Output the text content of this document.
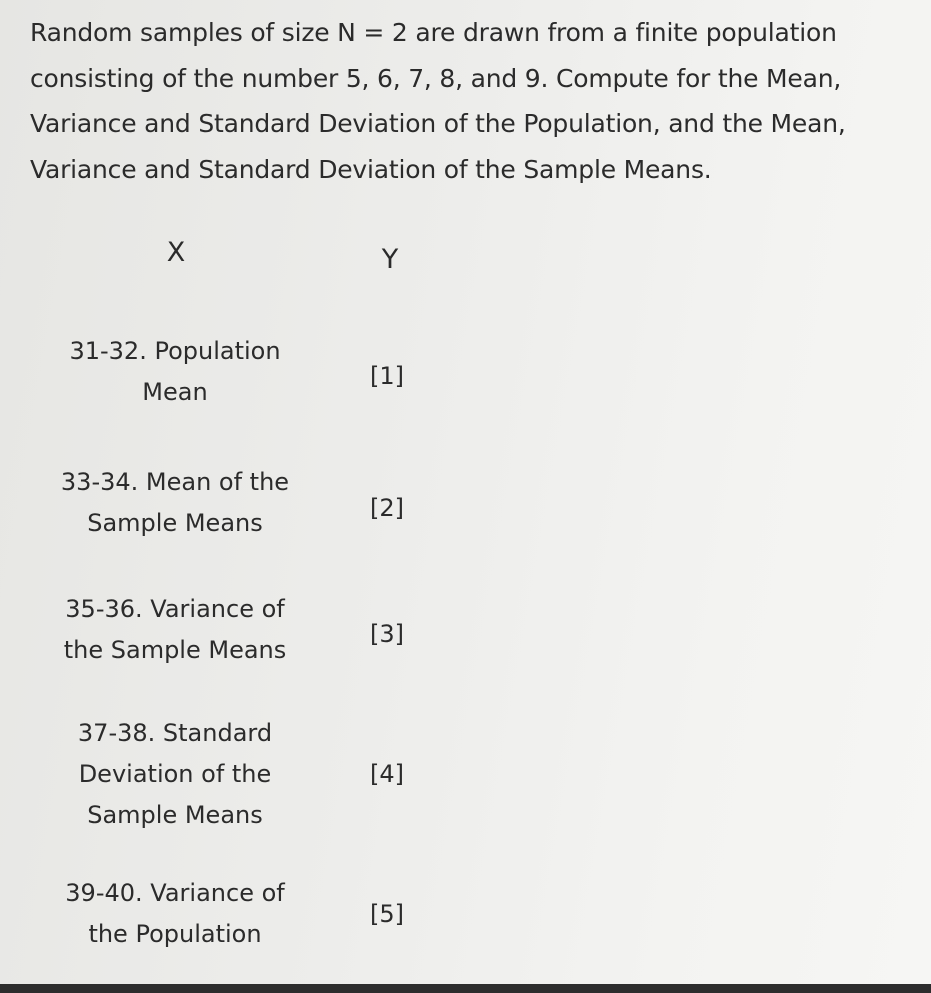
Random samples of size N = 2 are drawn from a finite population
consisting of the number 5, 6, 7, 8, and 9. Compute for the Mean,
Variance and Standard Deviation of the Population, and the Mean,
Variance and Standard Deviation of the Sample Means.

X	Y
31-32. Population
Mean
[1]
33-34. Mean of the
Sample Means
[2]
35-36. Variance of
the Sample Means
[3]
37-38. Standard
Deviation of the
Sample Means
[4]
39-40. Variance of
the Population
[5]
